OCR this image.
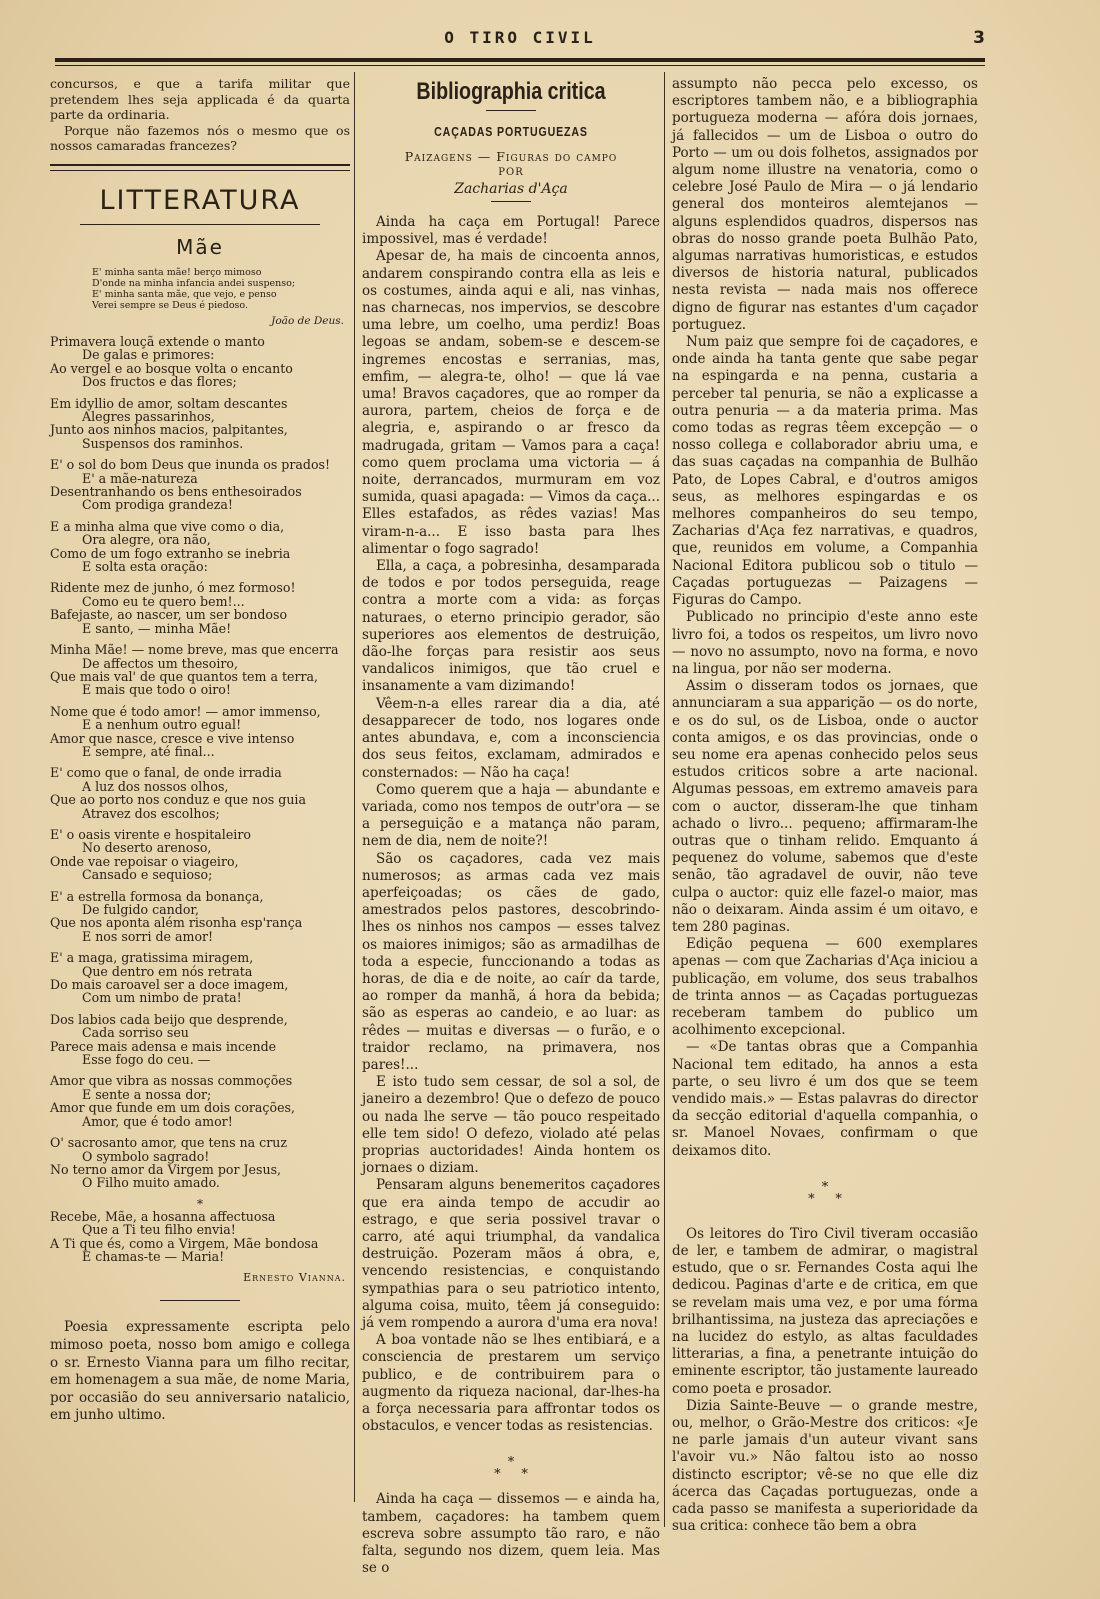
O TIRO CIVIL	3

concursos, e que a tarifa militar que pretendem lhes seja applicada é da quarta parte da ordinaria.

Porque não fazemos nós o mesmo que os nossos camaradas francezes?

LITTERATURA
Mãe
E' minha santa mãe! berço mimoso
D'onde na minha infancia andei suspenso;
E' minha santa mãe, que vejo, e penso
Verei sempre se Deus é piedoso.
João de Deus.
Primavera louçã extende o manto
De galas e primores:
Ao vergel e ao bosque volta o encanto
Dos fructos e das flores;
Em idyllio de amor, soltam descantes
Alegres passarinhos,
Junto aos ninhos macios, palpitantes,
Suspensos dos raminhos.
E' o sol do bom Deus que inunda os prados!
E' a mãe-natureza
Desentranhando os bens enthesoirados
Com prodiga grandeza!
E a minha alma que vive como o dia,
Ora alegre, ora não,
Como de um fogo extranho se inebria
E solta esta oração:
Ridente mez de junho, ó mez formoso!
Como eu te quero bem!...
Bafejaste, ao nascer, um ser bondoso
E santo, — minha Mãe!
Minha Mãe! — nome breve, mas que encerra
De affectos um thesoiro,
Que mais val' de que quantos tem a terra,
E mais que todo o oiro!
Nome que é todo amor! — amor immenso,
E a nenhum outro egual!
Amor que nasce, cresce e vive intenso
E sempre, até final...
E' como que o fanal, de onde irradia
A luz dos nossos olhos,
Que ao porto nos conduz e que nos guia
Atravez dos escolhos;
E' o oasis virente e hospitaleiro
No deserto arenoso,
Onde vae repoisar o viageiro,
Cansado e sequioso;
E' a estrella formosa da bonança,
De fulgido candor,
Que nos aponta além risonha esp'rança
E nos sorri de amor!
E' a maga, gratissima miragem,
Que dentro em nós retrata
Do mais caroavel ser a doce imagem,
Com um nimbo de prata!
Dos labios cada beijo que desprende,
Cada sorriso seu
Parece mais adensa e mais incende
Esse fogo do ceu. —
Amor que vibra as nossas commoções
E sente a nossa dor;
Amor que funde em um dois corações,
Amor, que é todo amor!
O' sacrosanto amor, que tens na cruz
O symbolo sagrado!
No terno amor da Virgem por Jesus,
O Filho muito amado.
*
Recebe, Mãe, a hosanna affectuosa
Que a Ti teu filho envia!
A Ti que és, como a Virgem, Mãe bondosa
E chamas-te — Maria!
Ernesto Vianna.

Poesia expressamente escripta pelo mimoso poeta, nosso bom amigo e collega o sr. Ernesto Vianna para um filho recitar, em homenagem a sua mãe, de nome Maria, por occasião do seu anniversario natalicio, em junho ultimo.

Bibliographia critica
CAÇADAS PORTUGUEZAS
Paizagens — Figuras do campo
POR
Zacharias d'Aça

Ainda ha caça em Portugal! Parece impossivel, mas é verdade!

Apesar de, ha mais de cincoenta annos, andarem conspirando contra ella as leis e os costumes, ainda aqui e ali, nas vinhas, nas charnecas, nos impervios, se descobre uma lebre, um coelho, uma perdiz! Boas legoas se andam, sobem-se e descem-se ingremes encostas e serranias, mas, emfim, — alegra-te, olho! — que lá vae uma! Bravos caçadores, que ao romper da aurora, partem, cheios de força e de alegria, e, aspirando o ar fresco da madrugada, gritam — Vamos para a caça! como quem proclama uma victoria — á noite, derrancados, murmuram em voz sumida, quasi apagada: — Vimos da caça... Elles estafados, as rêdes vazias! Mas viram-n-a... E isso basta para lhes alimentar o fogo sagrado!

Ella, a caça, a pobresinha, desamparada de todos e por todos perseguida, reage contra a morte com a vida: as forças naturaes, o eterno principio gerador, são superiores aos elementos de destruição, dão-lhe forças para resistir aos seus vandalicos inimigos, que tão cruel e insanamente a vam dizimando!

Vêem-n-a elles rarear dia a dia, até desapparecer de todo, nos logares onde antes abundava, e, com a inconsciencia dos seus feitos, exclamam, admirados e consternados: — Não ha caça!

Como querem que a haja — abundante e variada, como nos tempos de outr'ora — se a perseguição e a matança não param, nem de dia, nem de noite?!

São os caçadores, cada vez mais numerosos; as armas cada vez mais aperfeiçoadas; os cães de gado, amestrados pelos pastores, descobrindo-lhes os ninhos nos campos — esses talvez os maiores inimigos; são as armadilhas de toda a especie, funccionando a todas as horas, de dia e de noite, ao caír da tarde, ao romper da manhã, á hora da bebida; são as esperas ao candeio, e ao luar: as rêdes — muitas e diversas — o furão, e o traidor reclamo, na primavera, nos pares!...

E isto tudo sem cessar, de sol a sol, de janeiro a dezembro! Que o defezo de pouco ou nada lhe serve — tão pouco respeitado elle tem sido! O defezo, violado até pelas proprias auctoridades! Ainda hontem os jornaes o diziam.

Pensaram alguns benemeritos caçadores que era ainda tempo de accudir ao estrago, e que seria possivel travar o carro, até aqui triumphal, da vandalica destruição. Pozeram mãos á obra, e, vencendo resistencias, e conquistando sympathias para o seu patriotico intento, alguma coisa, muito, têem já conseguido: já vem rompendo a aurora d'uma era nova!

A boa vontade não se lhes entibiará, e a consciencia de prestarem um serviço publico, e de contribuirem para o augmento da riqueza nacional, dar-lhes-ha a força necessaria para affrontar todos os obstaculos, e vencer todas as resistencias.

*
*     *

Ainda ha caça — dissemos — e ainda ha, tambem, caçadores: ha tambem quem escreva sobre assumpto tão raro, e não falta, segundo nos dizem, quem leia. Mas se o

assumpto não pecca pelo excesso, os escriptores tambem não, e a bibliographia portugueza moderna — afóra dois jornaes, já fallecidos — um de Lisboa o outro do Porto — um ou dois folhetos, assignados por algum nome illustre na venatoria, como o celebre José Paulo de Mira — o já lendario general dos monteiros alemtejanos — alguns esplendidos quadros, dispersos nas obras do nosso grande poeta Bulhão Pato, algumas narrativas humoristicas, e estudos diversos de historia natural, publicados nesta revista — nada mais nos offerece digno de figurar nas estantes d'um caçador portuguez.

Num paiz que sempre foi de caçadores, e onde ainda ha tanta gente que sabe pegar na espingarda e na penna, custaria a perceber tal penuria, se não a explicasse a outra penuria — a da materia prima. Mas como todas as regras têem excepção — o nosso collega e collaborador abriu uma, e das suas caçadas na companhia de Bulhão Pato, de Lopes Cabral, e d'outros amigos seus, as melhores espingardas e os melhores companheiros do seu tempo, Zacharias d'Aça fez narrativas, e quadros, que, reunidos em volume, a Companhia Nacional Editora publicou sob o titulo — Caçadas portuguezas — Paizagens — Figuras do Campo.

Publicado no principio d'este anno este livro foi, a todos os respeitos, um livro novo — novo no assumpto, novo na forma, e novo na lingua, por não ser moderna.

Assim o disseram todos os jornaes, que annunciaram a sua apparição — os do norte, e os do sul, os de Lisboa, onde o auctor conta amigos, e os das provincias, onde o seu nome era apenas conhecido pelos seus estudos criticos sobre a arte nacional. Algumas pessoas, em extremo amaveis para com o auctor, disseram-lhe que tinham achado o livro... pequeno; affirmaram-lhe outras que o tinham relido. Emquanto á pequenez do volume, sabemos que d'este senão, tão agradavel de ouvir, não teve culpa o auctor: quiz elle fazel-o maior, mas não o deixaram. Ainda assim é um oitavo, e tem 280 paginas.

Edição pequena — 600 exemplares apenas — com que Zacharias d'Aça iniciou a publicação, em volume, dos seus trabalhos de trinta annos — as Caçadas portuguezas receberam tambem do publico um acolhimento excepcional.

— «De tantas obras que a Companhia Nacional tem editado, ha annos a esta parte, o seu livro é um dos que se teem vendido mais.» — Estas palavras do director da secção editorial d'aquella companhia, o sr. Manoel Novaes, confirmam o que deixamos dito.

*
*     *

Os leitores do Tiro Civil tiveram occasião de ler, e tambem de admirar, o magistral estudo, que o sr. Fernandes Costa aqui lhe dedicou. Paginas d'arte e de critica, em que se revelam mais uma vez, e por uma fórma brilhantissima, na justeza das apreciações e na lucidez do estylo, as altas faculdades litterarias, a fina, a penetrante intuição do eminente escriptor, tão justamente laureado como poeta e prosador.

Dizia Sainte-Beuve — o grande mestre, ou, melhor, o Grão-Mestre dos criticos: «Je ne parle jamais d'un auteur vivant sans l'avoir vu.» Não faltou isto ao nosso distincto escriptor; vê-se no que elle diz ácerca das Caçadas portuguezas, onde a cada passo se manifesta a superioridade da sua critica: conhece tão bem a obra
